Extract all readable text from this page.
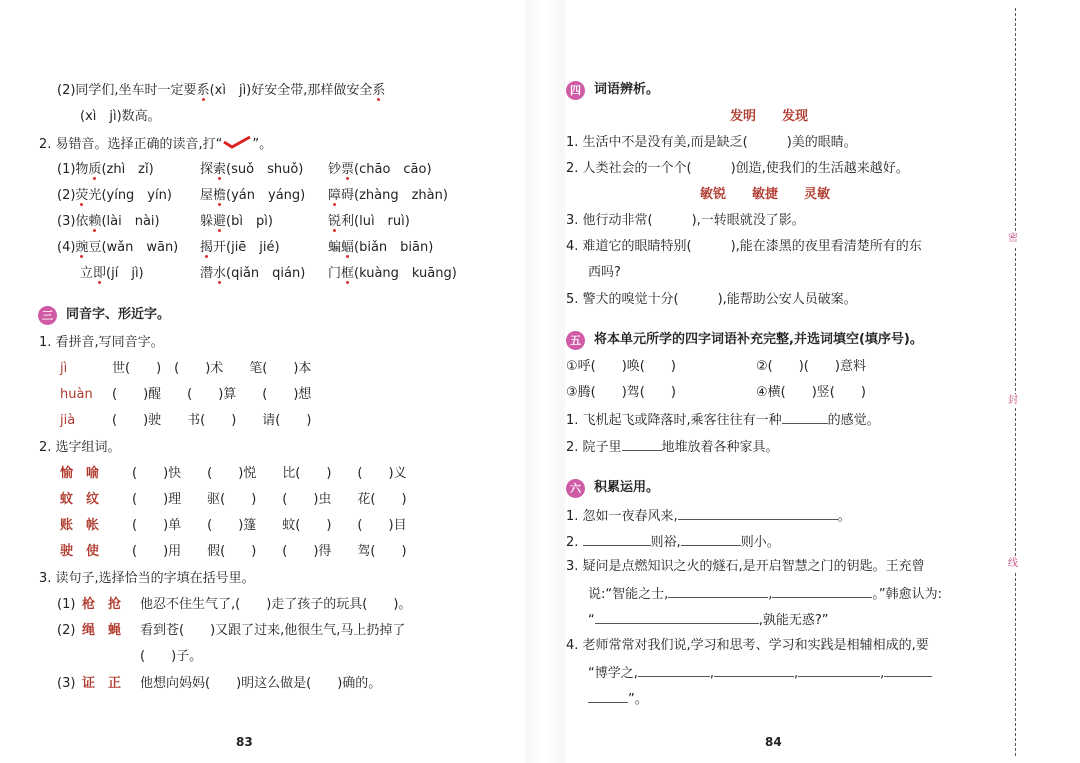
密
封
线
(2)同学们,坐车时一定要系(xì　jì)好安全带,那样做安全系
(xì　jì)数高。
2. 易错音。选择正确的读音,打“ ”。
(1)物质(zhì　zǐ)	探索(suǒ　shuǒ) 钞票(chāo　cāo)
(2)荧光(yíng　yín) 屋檐(yán　yáng) 障碍(zhàng　zhàn)
(3)依赖(lài　nài)	躲避(bì　pì)	锐利(luì　ruì)
(4)豌豆(wǎn　wān) 揭开(jiē　jié)	蝙蝠(biǎn　biān)
立即(jí　jì)	潜水(qiǎn　qián) 门框(kuàng　kuāng)
三	同音字、形近字。
1. 看拼音,写同音字。
jì	世(　　)　(　　)术　　笔(　　)本
huàn (　　)醒　　(　　)算　　(　　)想
jià	(　　)驶　　书(　　)　　请(　　)
2. 选字组词。
愉　喻	(　　)快　　(　　)悦　　比(　　)　　(　　)义
蚊　纹	(　　)理　　驱(　　)　　(　　)虫　　花(　　)
账　帐	(　　)单　　(　　)篷　　蚊(　　)　　(　　)目
驶　使	(　　)用　　假(　　)　　(　　)得　　驾(　　)
3. 读句子,选择恰当的字填在括号里。
(1) 枪　抢 他忍不住生气了,(　　)走了孩子的玩具(　　)。
(2) 绳　蝇 看到苍(　　)又跟了过来,他很生气,马上扔掉了
(　　)子。
(3) 证　正 他想向妈妈(　　)明这么做是(　　)确的。
83
四	词语辨析。
发明　　发现
1. 生活中不是没有美,而是缺乏(　　　)美的眼睛。
2. 人类社会的一个个(　　　)创造,使我们的生活越来越好。
敏锐　　敏捷　　灵敏
3. 他行动非常(　　　),一转眼就没了影。
4. 难道它的眼睛特别(　　　),能在漆黑的夜里看清楚所有的东
西吗?
5. 警犬的嗅觉十分(　　　),能帮助公安人员破案。
五	将本单元所学的四字词语补充完整,并选词填空(填序号)。
①呼(　　)唤(　　)	②(　　)(　　)意料
③腾(　　)驾(　　)	④横(　　)竖(　　)
1. 飞机起飞或降落时,乘客往往有一种	的感觉。
2. 院子里	地堆放着各种家具。
六	积累运用。
1. 忽如一夜春风来,	。
2.	则裕,	则小。
3. 疑问是点燃知识之火的燧石,是开启智慧之门的钥匙。王充曾
说:“智能之士,	,	。”韩愈认为:
“	,孰能无惑?”
4. 老师常常对我们说,学习和思考、学习和实践是相辅相成的,要
“博学之,	,	,	,
”。
84
